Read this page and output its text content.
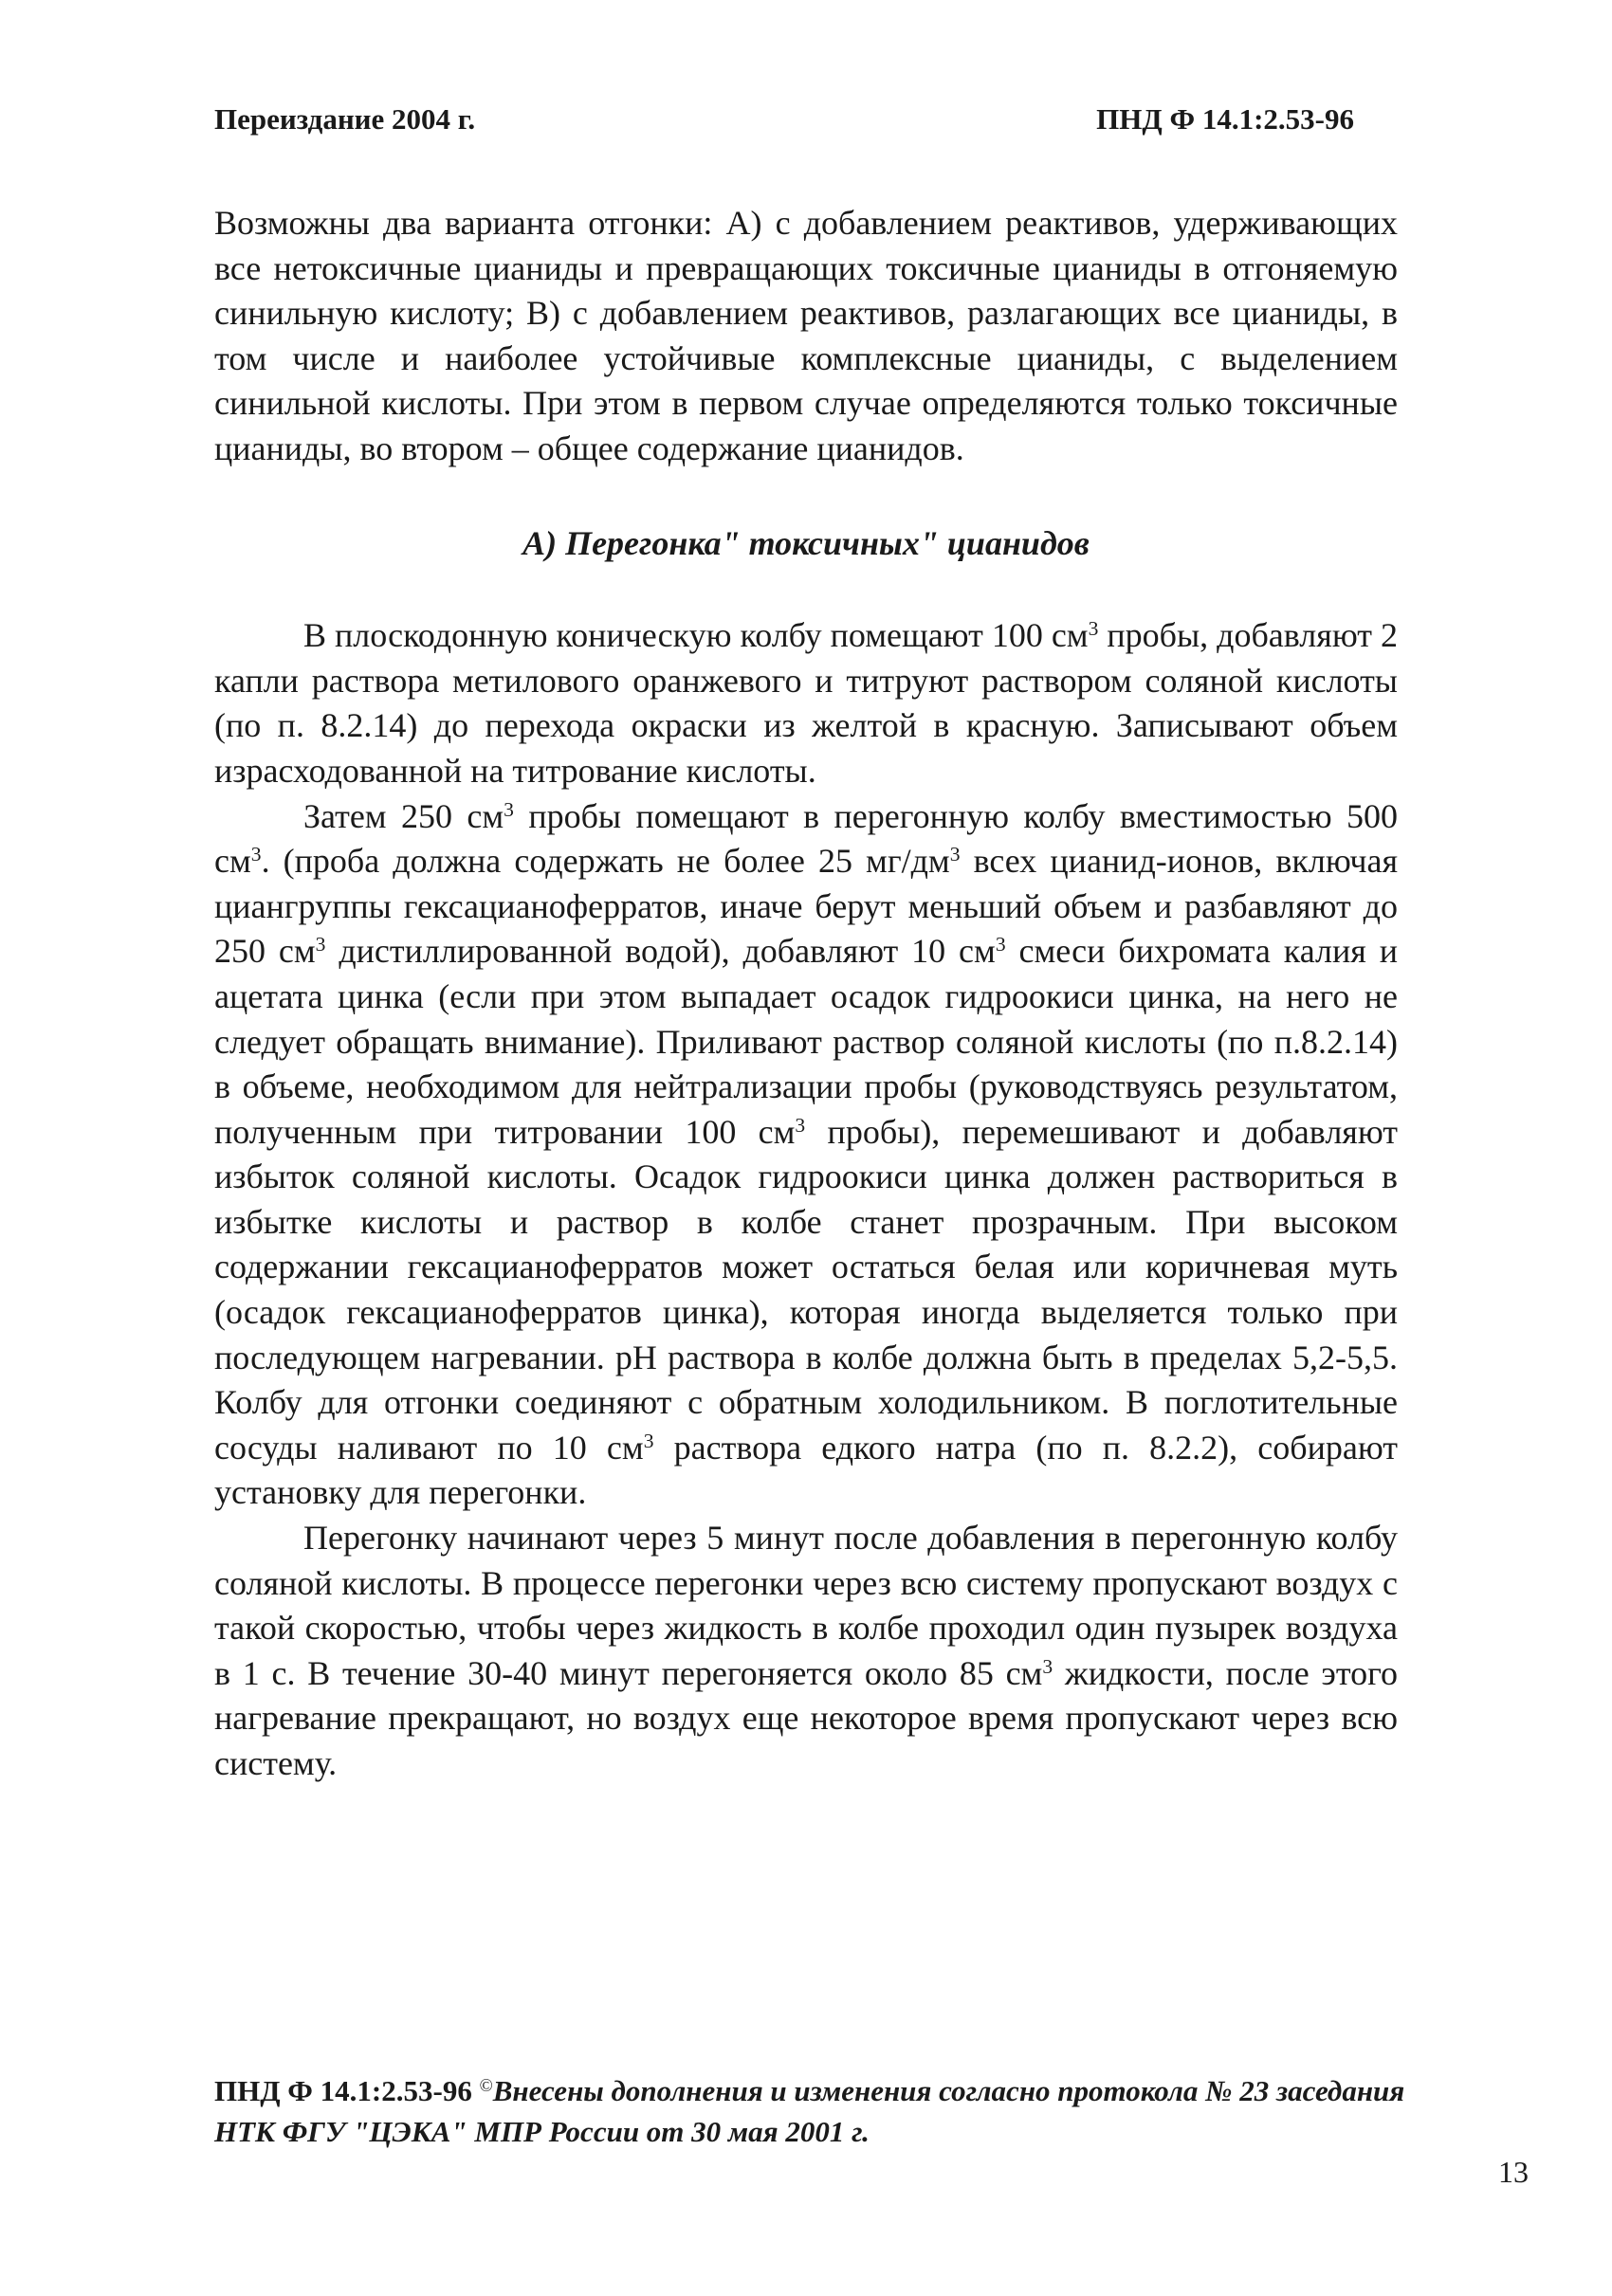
Переиздание 2004 г.	ПНД Ф 14.1:2.53-96

Возможны два варианта отгонки: А) с добавлением реактивов, удерживающих все нетоксичные цианиды и превращающих токсичные цианиды в отгоняемую синильную кислоту; В) с добавлением реактивов, разлагающих все цианиды, в том числе и наиболее устойчивые комплексные цианиды, с выделением синильной кислоты. При этом в первом случае определяются только токсичные цианиды, во втором – общее содержание цианидов.

А) Перегонка" токсичных" цианидов

В плоскодонную коническую колбу помещают 100 $см^3$ пробы, добавляют 2 капли раствора метилового оранжевого и титруют раствором соляной кислоты (по п. 8.2.14) до перехода окраски из желтой в красную. Записывают объем израсходованной на титрование кислоты.

Затем 250 $см^3$ пробы помещают в перегонную колбу вместимостью 500 $см^3$. (проба должна содержать не более 25 $мг/дм^3$ всех цианид-ионов, включая циангруппы гексацианоферратов, иначе берут меньший объем и разбавляют до 250 $см^3$ дистиллированной водой), добавляют 10 $см^3$ смеси бихромата калия и ацетата цинка (если при этом выпадает осадок гидроокиси цинка, на него не следует обращать внимание). Приливают раствор соляной кислоты (по п.8.2.14) в объеме, необходимом для нейтрализации пробы (руководствуясь результатом, полученным при титровании 100 $см^3$ пробы), перемешивают и добавляют избыток соляной кислоты. Осадок гидроокиси цинка должен раствориться в избытке кислоты и раствор в колбе станет прозрачным. При высоком содержании гексацианоферратов может остаться белая или коричневая муть (осадок гексацианоферратов цинка), которая иногда выделяется только при последующем нагревании. pH раствора в колбе должна быть в пределах 5,2-5,5. Колбу для отгонки соединяют с обратным холодильником. В поглотительные сосуды наливают по 10 $см^3$ раствора едкого натра (по п. 8.2.2), собирают установку для перегонки.

Перегонку начинают через 5 минут после добавления в перегонную колбу соляной кислоты. В процессе перегонки через всю систему пропускают воздух с такой скоростью, чтобы через жидкость в колбе проходил один пузырек воздуха в 1 с. В течение 30-40 минут перегоняется около 85 $см^3$ жидкости, после этого нагревание прекращают, но воздух еще некоторое время пропускают через всю систему.

ПНД Ф 14.1:2.53-96 ©Внесены дополнения и изменения согласно протокола № 23 заседания НТК ФГУ "ЦЭКА" МПР России от 30 мая 2001 г.
13
